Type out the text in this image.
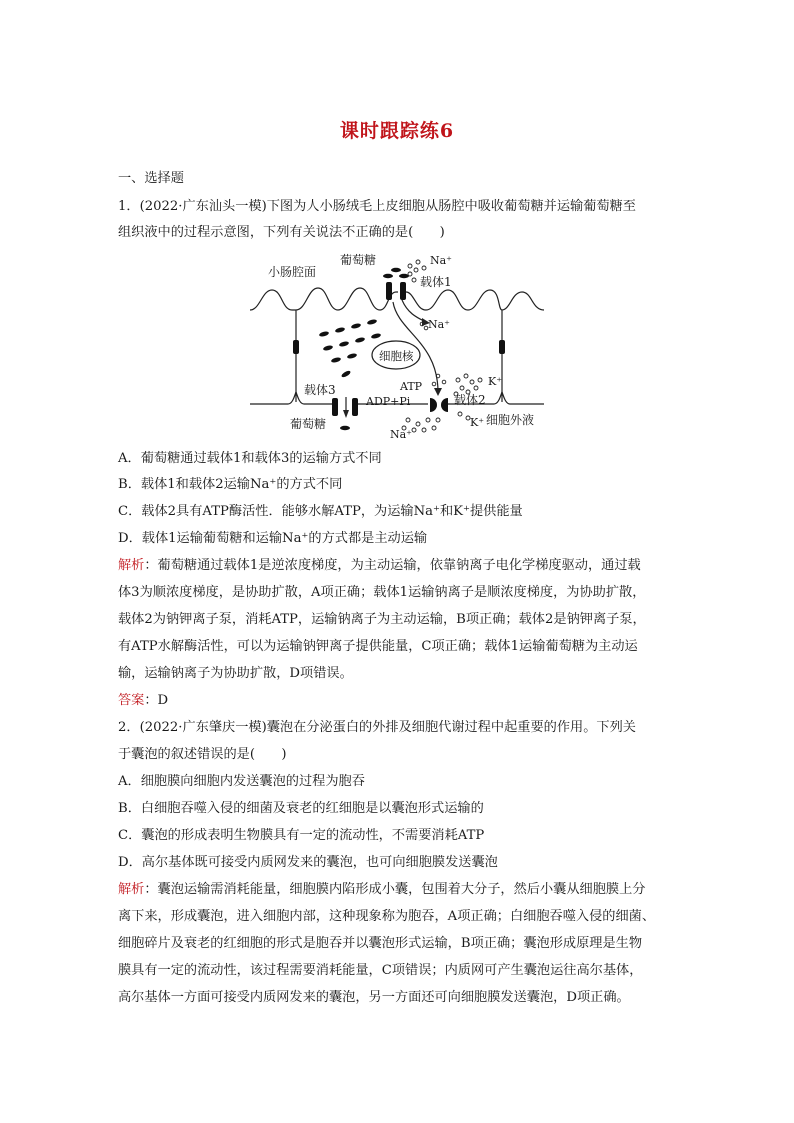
课时跟踪练6
一、选择题
1．(2022·广东汕头一模)下图为人小肠绒毛上皮细胞从肠腔中吸收葡萄糖并运输葡萄糖至
组织液中的过程示意图，下列有关说法不正确的是(　　)
小肠腔面
葡萄糖	Na⁺
载体1
Na⁺
细胞核
ATP
ADP+Pi
载体3
载体2
K⁺
K⁺
葡萄糖
Na⁺
细胞外液
A．葡萄糖通过载体1和载体3的运输方式不同
B．载体1和载体2运输Na⁺的方式不同
C．载体2具有ATP酶活性．能够水解ATP，为运输Na⁺和K⁺提供能量
D．载体1运输葡萄糖和运输Na⁺的方式都是主动运输
解析：葡萄糖通过载体1是逆浓度梯度，为主动运输，依靠钠离子电化学梯度驱动，通过载
体3为顺浓度梯度，是协助扩散，A项正确；载体1运输钠离子是顺浓度梯度，为协助扩散，
载体2为钠钾离子泵，消耗ATP，运输钠离子为主动运输，B项正确；载体2是钠钾离子泵，
有ATP水解酶活性，可以为运输钠钾离子提供能量，C项正确；载体1运输葡萄糖为主动运
输，运输钠离子为协助扩散，D项错误。
答案：D
2．(2022·广东肇庆一模)囊泡在分泌蛋白的外排及细胞代谢过程中起重要的作用。下列关
于囊泡的叙述错误的是(　　)
A．细胞膜向细胞内发送囊泡的过程为胞吞
B．白细胞吞噬入侵的细菌及衰老的红细胞是以囊泡形式运输的
C．囊泡的形成表明生物膜具有一定的流动性，不需要消耗ATP
D．高尔基体既可接受内质网发来的囊泡，也可向细胞膜发送囊泡
解析：囊泡运输需消耗能量，细胞膜内陷形成小囊，包围着大分子，然后小囊从细胞膜上分
离下来，形成囊泡，进入细胞内部，这种现象称为胞吞，A项正确；白细胞吞噬入侵的细菌、
细胞碎片及衰老的红细胞的形式是胞吞并以囊泡形式运输，B项正确；囊泡形成原理是生物
膜具有一定的流动性，该过程需要消耗能量，C项错误；内质网可产生囊泡运往高尔基体，
高尔基体一方面可接受内质网发来的囊泡，另一方面还可向细胞膜发送囊泡，D项正确。
